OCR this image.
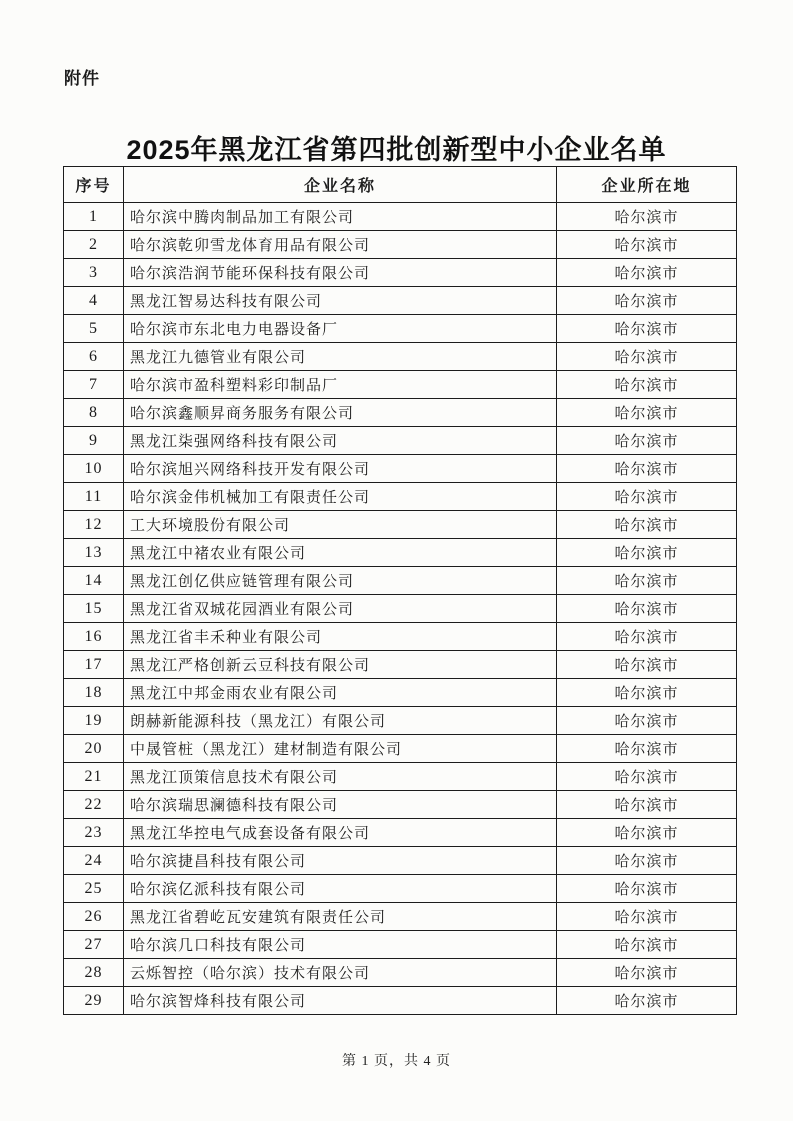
附件
2025年黑龙江省第四批创新型中小企业名单
序号	企业名称	企业所在地
1	哈尔滨中腾肉制品加工有限公司	哈尔滨市
2	哈尔滨乾卯雪龙体育用品有限公司	哈尔滨市
3	哈尔滨浩润节能环保科技有限公司	哈尔滨市
4	黑龙江智易达科技有限公司	哈尔滨市
5	哈尔滨市东北电力电器设备厂	哈尔滨市
6	黑龙江九德管业有限公司	哈尔滨市
7	哈尔滨市盈科塑料彩印制品厂	哈尔滨市
8	哈尔滨鑫顺昇商务服务有限公司	哈尔滨市
9	黑龙江柒强网络科技有限公司	哈尔滨市
10	哈尔滨旭兴网络科技开发有限公司	哈尔滨市
11	哈尔滨金伟机械加工有限责任公司	哈尔滨市
12	工大环境股份有限公司	哈尔滨市
13	黑龙江中褚农业有限公司	哈尔滨市
14	黑龙江创亿供应链管理有限公司	哈尔滨市
15	黑龙江省双城花园酒业有限公司	哈尔滨市
16	黑龙江省丰禾种业有限公司	哈尔滨市
17	黑龙江严格创新云豆科技有限公司	哈尔滨市
18	黑龙江中邦金雨农业有限公司	哈尔滨市
19	朗赫新能源科技（黑龙江）有限公司	哈尔滨市
20	中晟管桩（黑龙江）建材制造有限公司	哈尔滨市
21	黑龙江顶策信息技术有限公司	哈尔滨市
22	哈尔滨瑞思澜德科技有限公司	哈尔滨市
23	黑龙江华控电气成套设备有限公司	哈尔滨市
24	哈尔滨捷昌科技有限公司	哈尔滨市
25	哈尔滨亿派科技有限公司	哈尔滨市
26	黑龙江省碧屹瓦安建筑有限责任公司	哈尔滨市
27	哈尔滨几口科技有限公司	哈尔滨市
28	云烁智控（哈尔滨）技术有限公司	哈尔滨市
29	哈尔滨智烽科技有限公司	哈尔滨市
第 1 页，共 4 页
